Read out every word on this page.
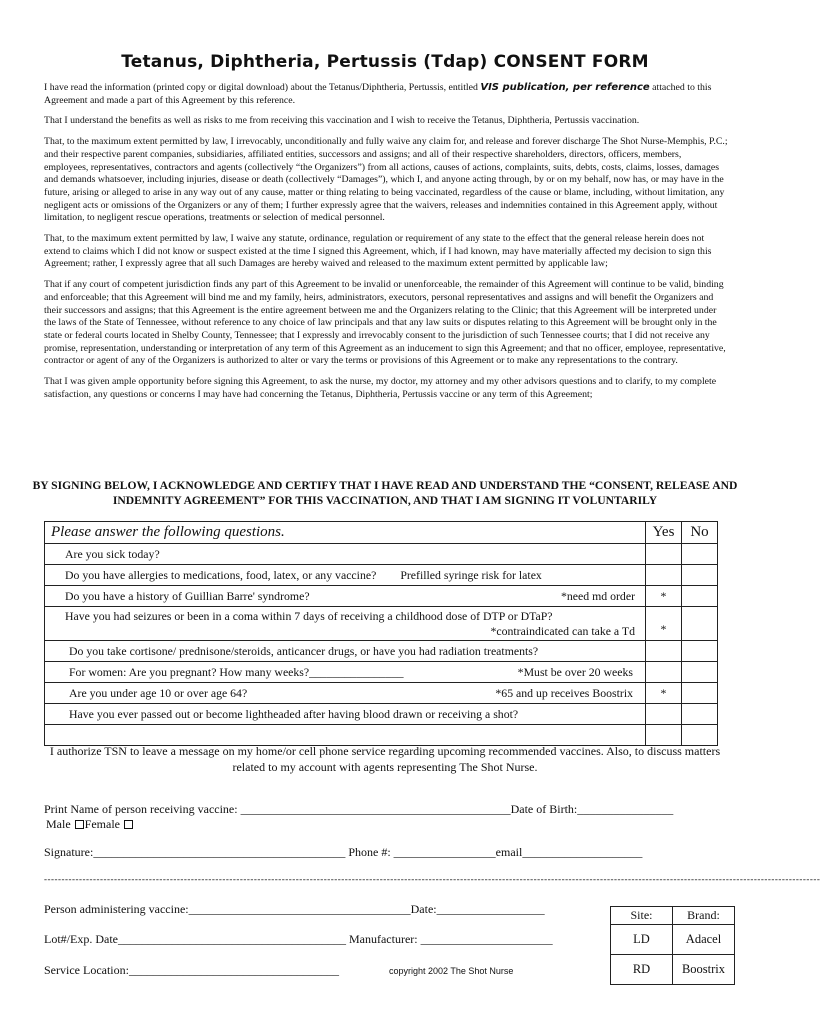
Tetanus, Diphtheria, Pertussis (Tdap) CONSENT FORM
I have read the information (printed copy or digital download) about the Tetanus/Diphtheria, Pertussis, entitled VIS publication, per reference attached to this Agreement and made a part of this Agreement by this reference.
That I understand the benefits as well as risks to me from receiving this vaccination and I wish to receive the Tetanus, Diphtheria, Pertussis vaccination.
That, to the maximum extent permitted by law, I irrevocably, unconditionally and fully waive any claim for, and release and forever discharge The Shot Nurse-Memphis, P.C.; and their respective parent companies, subsidiaries, affiliated entities, successors and assigns; and all of their respective shareholders, directors, officers, members, employees, representatives, contractors and agents (collectively “the Organizers”) from all actions, causes of actions, complaints, suits, debts, costs, claims, losses, damages and demands whatsoever, including injuries, disease or death (collectively “Damages”), which I, and anyone acting through, by or on my behalf, now has, or may have in the future, arising or alleged to arise in any way out of any cause, matter or thing relating to being vaccinated, regardless of the cause or blame, including, without limitation, any negligent acts or omissions of the Organizers or any of them; I further expressly agree that the waivers, releases and indemnities contained in this Agreement apply, without limitation, to negligent rescue operations, treatments or selection of medical personnel.
That, to the maximum extent permitted by law, I waive any statute, ordinance, regulation or requirement of any state to the effect that the general release herein does not extend to claims which I did not know or suspect existed at the time I signed this Agreement, which, if I had known, may have materially affected my decision to sign this Agreement; rather, I expressly agree that all such Damages are hereby waived and released to the maximum extent permitted by applicable law;
That if any court of competent jurisdiction finds any part of this Agreement to be invalid or unenforceable, the remainder of this Agreement will continue to be valid, binding and enforceable; that this Agreement will bind me and my family, heirs, administrators, executors, personal representatives and assigns and will benefit the Organizers and their successors and assigns; that this Agreement is the entire agreement between me and the Organizers relating to the Clinic; that this Agreement will be interpreted under the laws of the State of Tennessee, without reference to any choice of law principals and that any law suits or disputes relating to this Agreement will be brought only in the state or federal courts located in Shelby County, Tennessee; that I expressly and irrevocably consent to the jurisdiction of such Tennessee courts; that I did not receive any promise, representation, understanding or interpretation of any term of this Agreement as an inducement to sign this Agreement; and that no officer, employee, representative, contractor or agent of any of the Organizers is authorized to alter or vary the terms or provisions of this Agreement or to make any representations to the contrary.
That I was given ample opportunity before signing this Agreement, to ask the nurse, my doctor, my attorney and my other advisors questions and to clarify, to my complete satisfaction, any questions or concerns I may have had concerning the Tetanus, Diphtheria, Pertussis vaccine or any term of this Agreement;
BY SIGNING BELOW, I ACKNOWLEDGE AND CERTIFY THAT I HAVE READ AND UNDERSTAND THE “CONSENT, RELEASE AND INDEMNITY AGREEMENT” FOR THIS VACCINATION, AND THAT I AM SIGNING IT VOLUNTARILY
Please answer the following questions.	Yes	No
Are you sick today?		
Do you have allergies to medications, food, latex, or any vaccine? Prefilled syringe risk for latex		

Do you have a history of Guillian Barre' syndrome? *need md order	*	

Have you had seizures or been in a coma within 7 days of receiving a childhood dose of DTP or DTaP?
*contraindicated can take a Td	*	
Do you take cortisone/ prednisone/steroids, anticancer drugs, or have you had radiation treatments?		

For women: Are you pregnant? How many weeks?________________ *Must be over 20 weeks		

Are you under age 10 or over age 64? *65 and up receives Boostrix	*	
Have you ever passed out or become lightheaded after having blood drawn or receiving a shot?		

I authorize TSN to leave a message on my home/or cell phone service regarding upcoming recommended vaccines. Also, to discuss matters related to my account with agents representing The Shot Nurse.
Print Name of person receiving vaccine: _____________________________________________Date of Birth:________________
Male Female
Signature:__________________________________________ Phone #: _________________email____________________
------------------------------------------------------------------------------------------------------------------------------------------------------------------------------------------------------------------------------
Person administering vaccine:_____________________________________Date:__________________
Lot#/Exp. Date______________________________________ Manufacturer: ______________________
Service Location:___________________________________	copyright 2002 The Shot Nurse
Site:	Brand:
LD	Adacel
RD	Boostrix
